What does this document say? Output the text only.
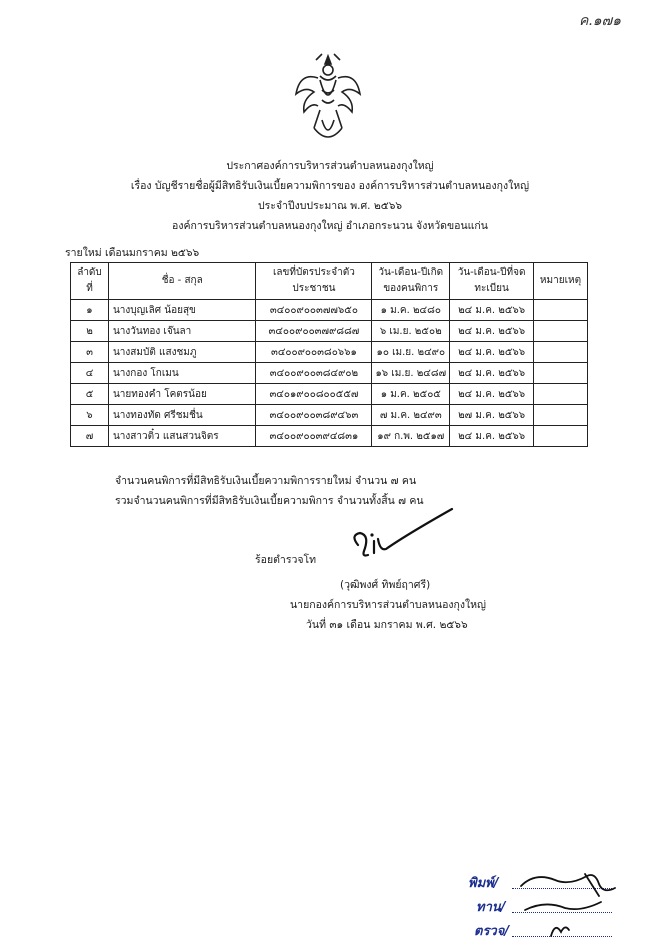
ค.๑๗๑
ประกาศองค์การบริหารส่วนตำบลหนองกุงใหญ่
เรื่อง บัญชีรายชื่อผู้มีสิทธิรับเงินเบี้ยความพิการของ องค์การบริหารส่วนตำบลหนองกุงใหญ่
ประจำปีงบประมาณ พ.ศ. ๒๕๖๖
องค์การบริหารส่วนตำบลหนองกุงใหญ่ อำเภอกระนวน จังหวัดขอนแก่น
รายใหม่ เดือนมกราคม ๒๕๖๖
ลำดับที่	ชื่อ - สกุล	เลขที่บัตรประจำตัวประชาชน	วัน-เดือน-ปีเกิดของคนพิการ	วัน-เดือน-ปีที่จดทะเบียน	หมายเหตุ
๑	นางบุญเลิศ น้อยสุข	๓๔๐๐๙๐๐๓๗๗๖๕๐	๑ ม.ค. ๒๔๘๐	๒๔ ม.ค. ๒๕๖๖	
๒	นางวันทอง เจ๊นลา	๓๔๐๐๙๐๐๓๗๙๘๘๗	๖ เม.ย. ๒๕๐๒	๒๔ ม.ค. ๒๕๖๖	
๓	นางสมบัติ แสงชมภู	๓๔๐๐๙๐๐๓๘๐๖๖๑	๑๐ เม.ย. ๒๔๙๐	๒๔ ม.ค. ๒๕๖๖	
๔	นางกอง โกเมน	๓๔๐๐๙๐๐๓๘๔๙๐๒	๑๖ เม.ย. ๒๔๘๗	๒๔ ม.ค. ๒๕๖๖	
๕	นายทองคำ โคตรน้อย	๓๔๐๑๙๐๐๘๐๐๕๕๗	๑ ม.ค. ๒๕๐๕	๒๔ ม.ค. ๒๕๖๖	
๖	นางทองทัด ศรีชมชื่น	๓๔๐๐๙๐๐๓๘๙๔๖๓	๗ ม.ค. ๒๔๙๓	๒๗ ม.ค. ๒๕๖๖	
๗	นางสาวติ๋ว แสนสวนจิตร	๓๔๐๐๙๐๐๓๙๔๘๓๑	๑๙ ก.พ. ๒๕๑๗	๒๔ ม.ค. ๒๕๖๖	
จำนวนคนพิการที่มีสิทธิรับเงินเบี้ยความพิการรายใหม่ จำนวน ๗ คน
รวมจำนวนคนพิการที่มีสิทธิรับเงินเบี้ยความพิการ จำนวนทั้งสิ้น ๗ คน
ร้อยตำรวจโท
(วุฒิพงศ์ ทิพย์ฤาศรี)
นายกองค์การบริหารส่วนตำบลหนองกุงใหญ่
วันที่ ๓๑ เดือน มกราคม พ.ศ. ๒๕๖๖
พิมพ์/
ทาน/
ตรวจ/
